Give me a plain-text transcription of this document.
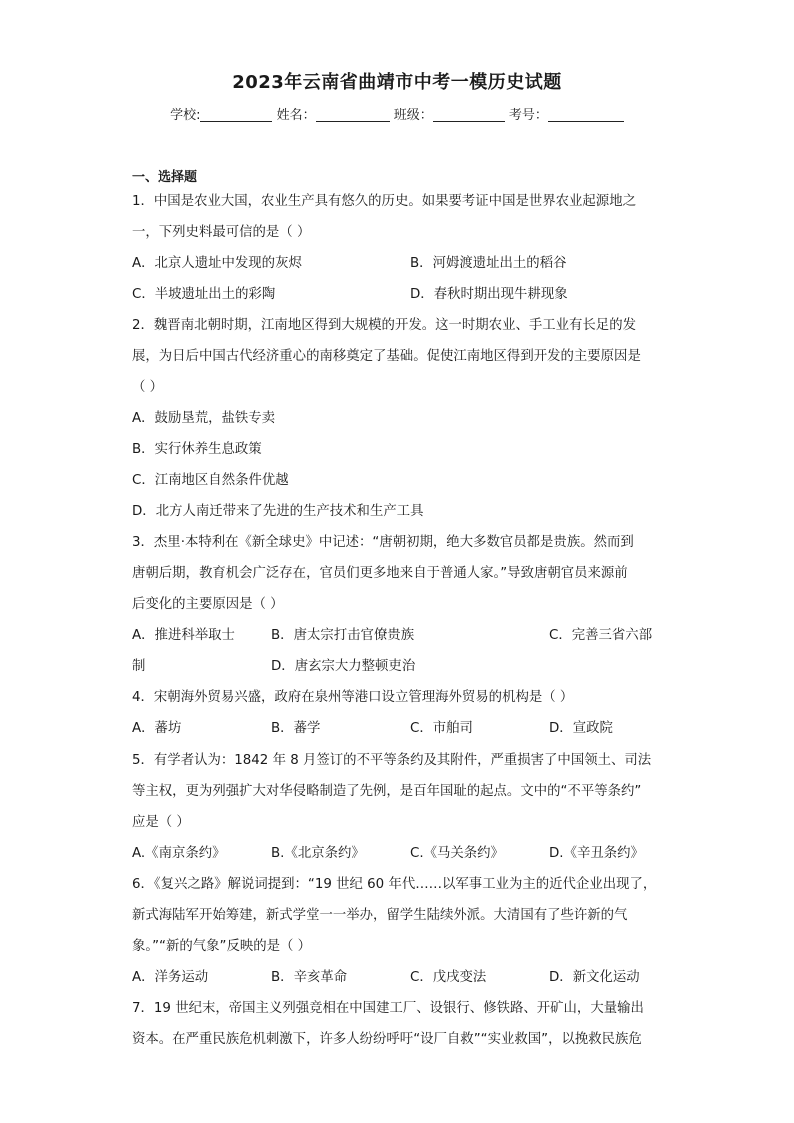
2023年云南省曲靖市中考一模历史试题
学校:	姓名：	班级：	考号：
一、选择题
1．中国是农业大国，农业生产具有悠久的历史。如果要考证中国是世界农业起源地之
一，下列史料最可信的是（ ）
A．北京人遗址中发现的灰烬	B．河姆渡遗址出土的稻谷
C．半坡遗址出土的彩陶	D．春秋时期出现牛耕现象
2．魏晋南北朝时期，江南地区得到大规模的开发。这一时期农业、手工业有长足的发
展，为日后中国古代经济重心的南移奠定了基础。促使江南地区得到开发的主要原因是
（ ）
A．鼓励垦荒，盐铁专卖
B．实行休养生息政策
C．江南地区自然条件优越
D．北方人南迁带来了先进的生产技术和生产工具
3．杰里·本特利在《新全球史》中记述：“唐朝初期，绝大多数官员都是贵族。然而到
唐朝后期，教育机会广泛存在，官员们更多地来自于普通人家。”导致唐朝官员来源前
后变化的主要原因是（ ）
A．推进科举取士	B．唐太宗打击官僚贵族	C．完善三省六部
制	D．唐玄宗大力整顿吏治
4．宋朝海外贸易兴盛，政府在泉州等港口设立管理海外贸易的机构是（ ）
A．蕃坊	B．蕃学	C．市舶司	D．宣政院
5．有学者认为：1842 年 8 月签订的不平等条约及其附件，严重损害了中国领土、司法
等主权，更为列强扩大对华侵略制造了先例，是百年国耻的起点。文中的“不平等条约”
应是（ ）
A.《南京条约》	B.《北京条约》	C.《马关条约》	D.《辛丑条约》
6．《复兴之路》解说词提到：“19 世纪 60 年代……以军事工业为主的近代企业出现了，
新式海陆军开始筹建，新式学堂一一举办，留学生陆续外派。大清国有了些许新的气
象。”“新的气象”反映的是（ ）
A．洋务运动	B．辛亥革命	C．戊戌变法	D．新文化运动
7．19 世纪末，帝国主义列强竞相在中国建工厂、设银行、修铁路、开矿山，大量输出
资本。在严重民族危机刺激下，许多人纷纷呼吁“设厂自救”“实业救国”，以挽救民族危
